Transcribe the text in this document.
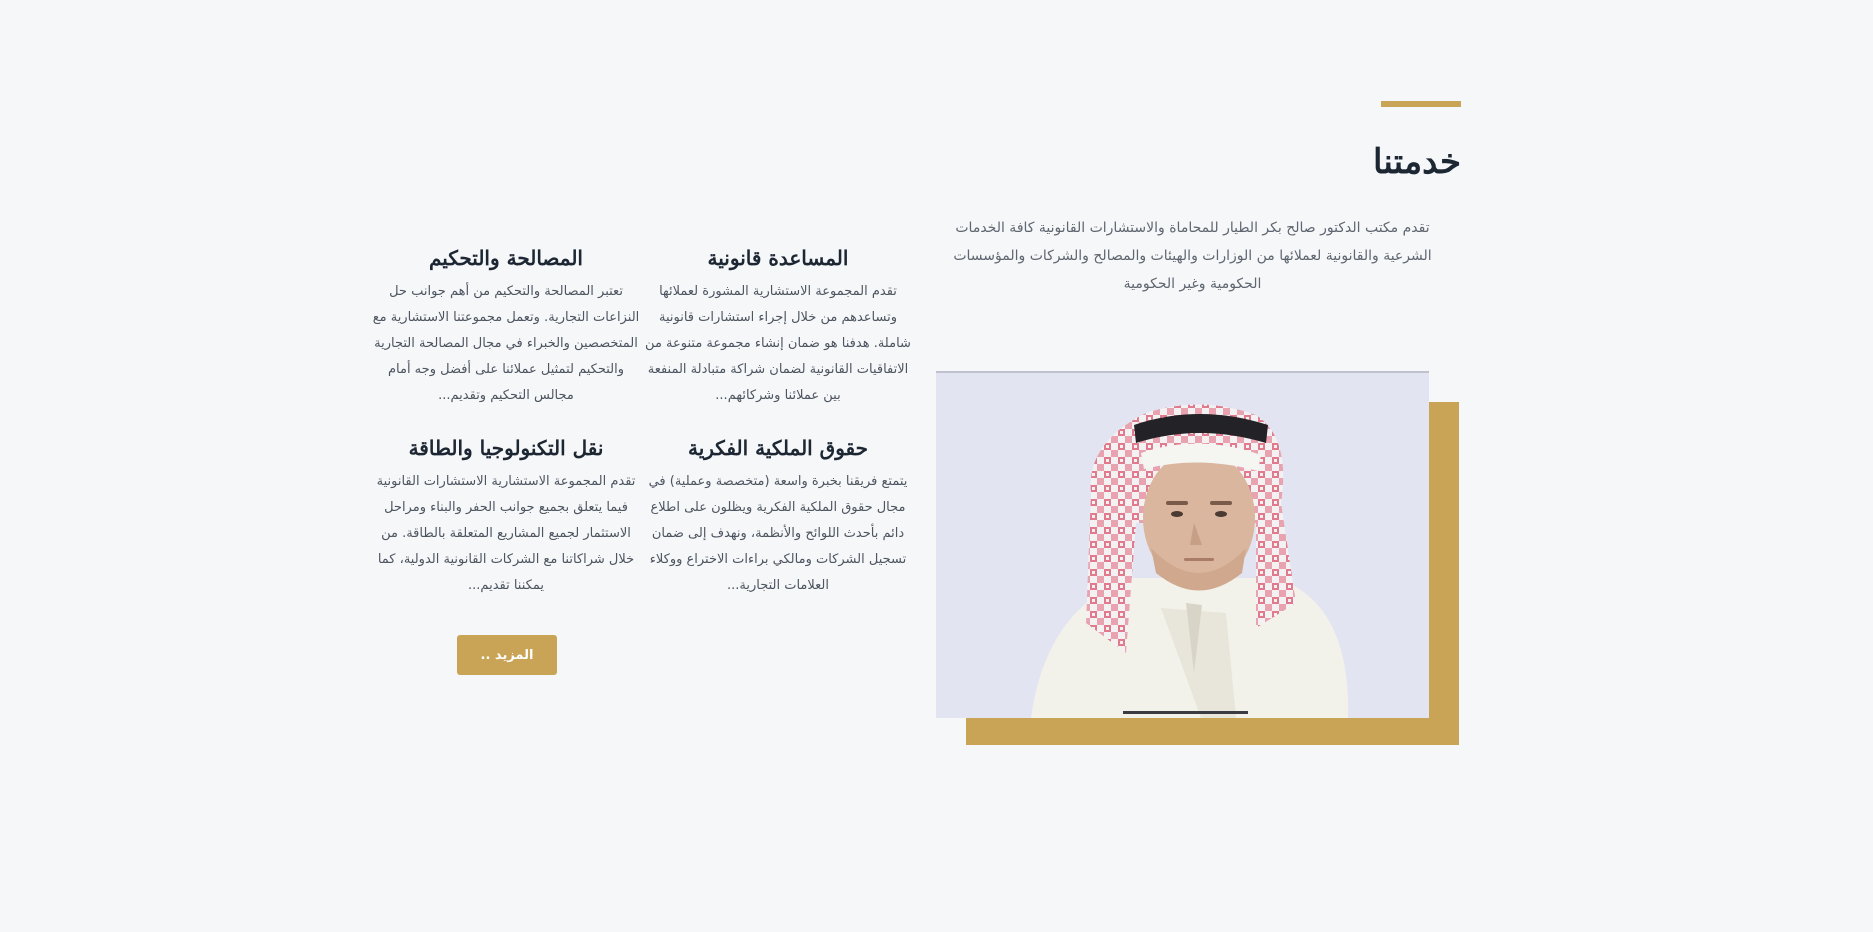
خدمتنا

تقدم مكتب الدكتور صالح بكر الطيار للمحاماة والاستشارات القانونية كافة الخدمات الشرعية والقانونية لعملائها من الوزارات والهيئات والمصالح والشركات والمؤسسات الحكومية وغير الحكومية

المساعدة قانونية

تقدم المجموعة الاستشارية المشورة لعملائها وتساعدهم من خلال إجراء استشارات قانونية شاملة. هدفنا هو ضمان إنشاء مجموعة متنوعة من الاتفاقيات القانونية لضمان شراكة متبادلة المنفعة بين عملائنا وشركائهم...

المصالحة والتحكيم

تعتبر المصالحة والتحكيم من أهم جوانب حل النزاعات التجارية. وتعمل مجموعتنا الاستشارية مع المتخصصين والخبراء في مجال المصالحة التجارية والتحكيم لتمثيل عملائنا على أفضل وجه أمام مجالس التحكيم وتقديم...

حقوق الملكية الفكرية

يتمتع فريقنا بخبرة واسعة (متخصصة وعملية) في مجال حقوق الملكية الفكرية ويظلون على اطلاع دائم بأحدث اللوائح والأنظمة، ونهدف إلى ضمان تسجيل الشركات ومالكي براءات الاختراع ووكلاء العلامات التجارية...

نقل التكنولوجيا والطاقة

تقدم المجموعة الاستشارية الاستشارات القانونية فيما يتعلق بجميع جوانب الحفر والبناء ومراحل الاستثمار لجميع المشاريع المتعلقة بالطاقة. من خلال شراكاتنا مع الشركات القانونية الدولية، كما يمكننا تقديم...

المزيد ..
